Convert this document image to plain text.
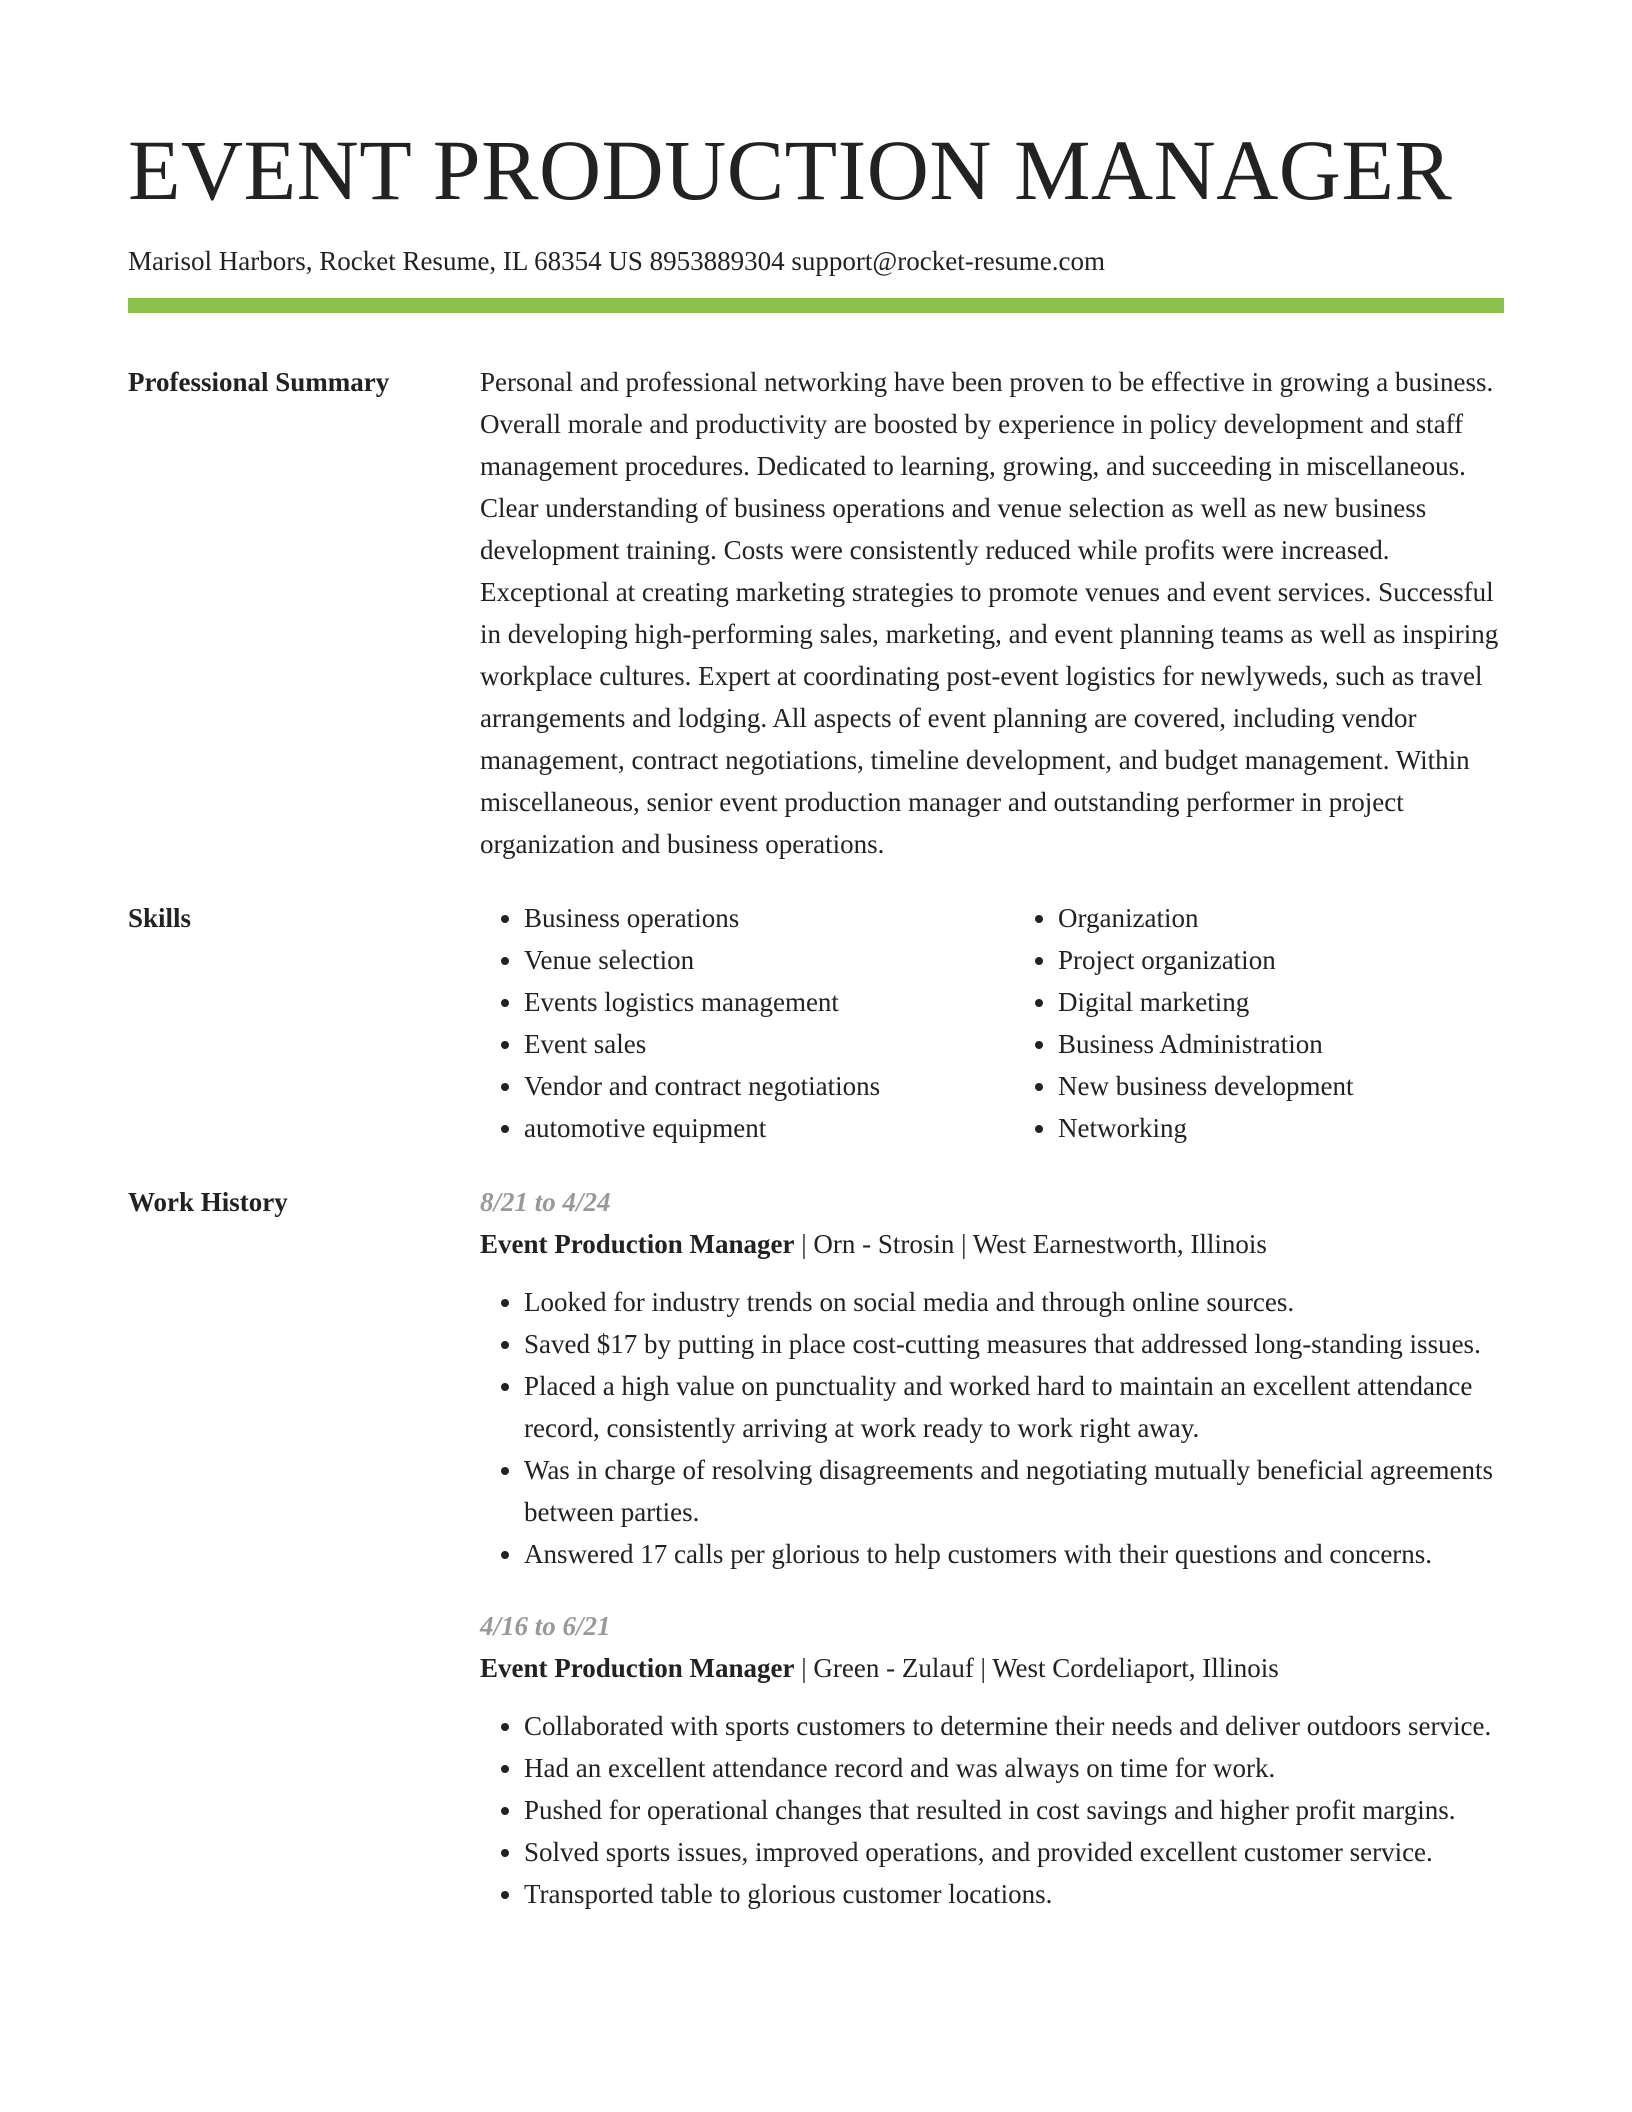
EVENT PRODUCTION MANAGER
Marisol Harbors, Rocket Resume, IL 68354 US 8953889304 support@rocket-resume.com
Professional Summary	Personal and professional networking have been proven to be effective in growing a business. Overall morale and productivity are boosted by experience in policy development and staff management procedures. Dedicated to learning, growing, and succeeding in miscellaneous. Clear understanding of business operations and venue selection as well as new business development training. Costs were consistently reduced while profits were increased. Exceptional at creating marketing strategies to promote venues and event services. Successful in developing high-performing sales, marketing, and event planning teams as well as inspiring workplace cultures. Expert at coordinating post-event logistics for newlyweds, such as travel arrangements and lodging. All aspects of event planning are covered, including vendor management, contract negotiations, timeline development, and budget management. Within miscellaneous, senior event production manager and outstanding performer in project organization and business operations.

Skills
•	Business operations
• Venue selection
• Events logistics management
• Event sales
• Vendor and contract negotiations
• automotive equipment
• Organization
• Project organization
• Digital marketing
• Business Administration
• New business development
• Networking
Work History	8/21 to 4/24
Event Production Manager | Orn - Strosin | West Earnestworth, Illinois
• Looked for industry trends on social media and through online sources.
• Saved $17 by putting in place cost-cutting measures that addressed long-standing issues.
• Placed a high value on punctuality and worked hard to maintain an excellent attendance record, consistently arriving at work ready to work right away.
• Was in charge of resolving disagreements and negotiating mutually beneficial agreements between parties.
• Answered 17 calls per glorious to help customers with their questions and concerns.
4/16 to 6/21
Event Production Manager | Green - Zulauf | West Cordeliaport, Illinois
• Collaborated with sports customers to determine their needs and deliver outdoors service.
• Had an excellent attendance record and was always on time for work.
• Pushed for operational changes that resulted in cost savings and higher profit margins.
• Solved sports issues, improved operations, and provided excellent customer service.
• Transported table to glorious customer locations.
